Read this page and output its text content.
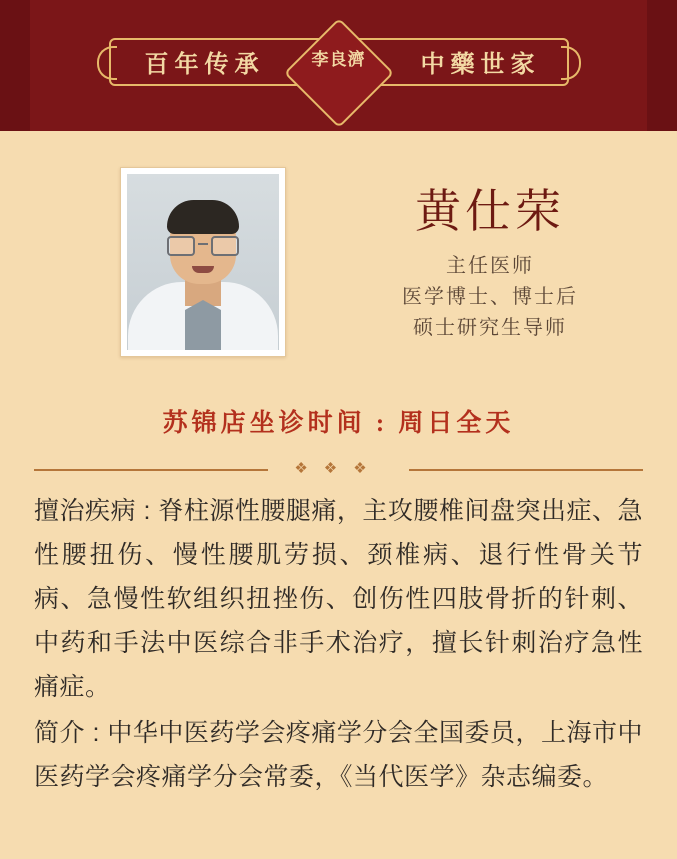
百年传承	中藥世家
李良濟
黄仕荣
主任医师
医学博士、博士后
硕士研究生导师
苏锦店坐诊时间 : 周日全天
❖❖❖

擅治疾病 : 脊柱源性腰腿痛，主攻腰椎间盘突出症、急性腰扭伤、慢性腰肌劳损、颈椎病、退行性骨关节病、急慢性软组织扭挫伤、创伤性四肢骨折的针刺、中药和手法中医综合非手术治疗，擅长针刺治疗急性痛症。

简介 : 中华中医药学会疼痛学分会全国委员，上海市中医药学会疼痛学分会常委，《当代医学》杂志编委。
